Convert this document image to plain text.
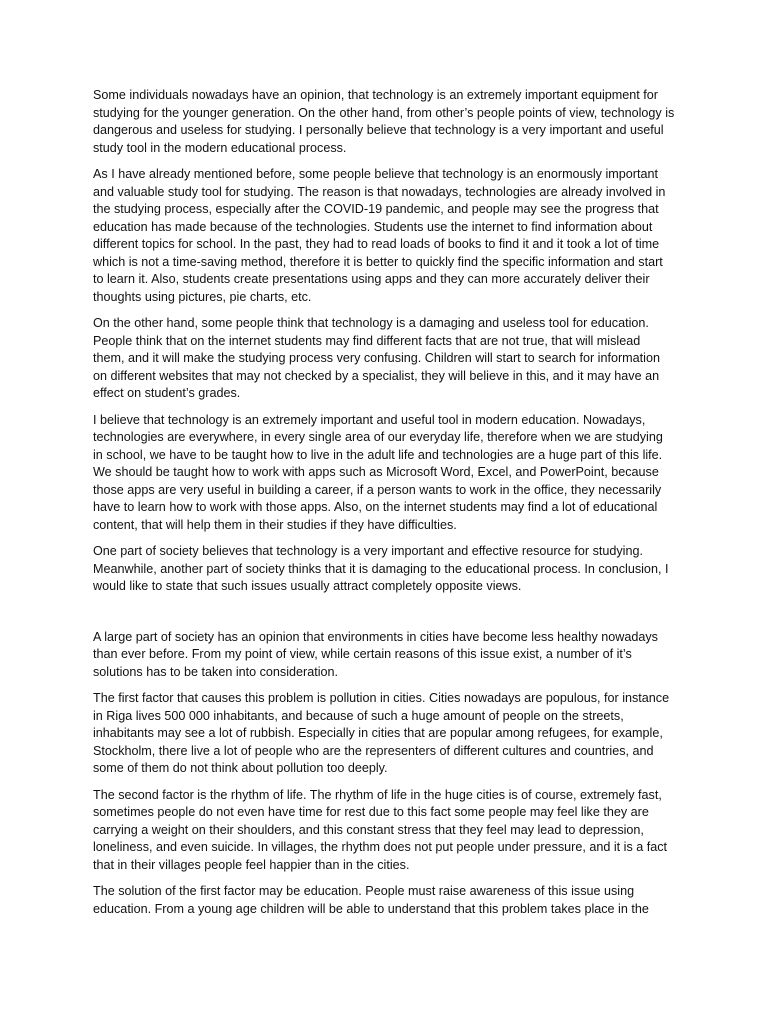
Some individuals nowadays have an opinion, that technology is an extremely important equipment for studying for the younger generation. On the other hand, from other’s people points of view, technology is dangerous and useless for studying. I personally believe that technology is a very important and useful study tool in the modern educational process.

As I have already mentioned before, some people believe that technology is an enormously important and valuable study tool for studying. The reason is that nowadays, technologies are already involved in the studying process, especially after the COVID-19 pandemic, and people may see the progress that education has made because of the technologies. Students use the internet to find information about different topics for school. In the past, they had to read loads of books to find it and it took a lot of time which is not a time-saving method, therefore it is better to quickly find the specific information and start to learn it. Also, students create presentations using apps and they can more accurately deliver their thoughts using pictures, pie charts, etc.

On the other hand, some people think that technology is a damaging and useless tool for education. People think that on the internet students may find different facts that are not true, that will mislead them, and it will make the studying process very confusing. Children will start to search for information on different websites that may not checked by a specialist, they will believe in this, and it may have an effect on student’s grades.

I believe that technology is an extremely important and useful tool in modern education. Nowadays, technologies are everywhere, in every single area of our everyday life, therefore when we are studying in school, we have to be taught how to live in the adult life and technologies are a huge part of this life. We should be taught how to work with apps such as Microsoft Word, Excel, and PowerPoint, because those apps are very useful in building a career, if a person wants to work in the office, they necessarily have to learn how to work with those apps. Also, on the internet students may find a lot of educational content, that will help them in their studies if they have difficulties.

One part of society believes that technology is a very important and effective resource for studying. Meanwhile, another part of society thinks that it is damaging to the educational process. In conclusion, I would like to state that such issues usually attract completely opposite views.

A large part of society has an opinion that environments in cities have become less healthy nowadays than ever before. From my point of view, while certain reasons of this issue exist, a number of it’s solutions has to be taken into consideration.

The first factor that causes this problem is pollution in cities. Cities nowadays are populous, for instance in Riga lives 500 000 inhabitants, and because of such a huge amount of people on the streets, inhabitants may see a lot of rubbish. Especially in cities that are popular among refugees, for example, Stockholm, there live a lot of people who are the representers of different cultures and countries, and some of them do not think about pollution too deeply.

The second factor is the rhythm of life. The rhythm of life in the huge cities is of course, extremely fast, sometimes people do not even have time for rest due to this fact some people may feel like they are carrying a weight on their shoulders, and this constant stress that they feel may lead to depression, loneliness, and even suicide. In villages, the rhythm does not put people under pressure, and it is a fact that in their villages people feel happier than in the cities.

The solution of the first factor may be education. People must raise awareness of this issue using education. From a young age children will be able to understand that this problem takes place in the
